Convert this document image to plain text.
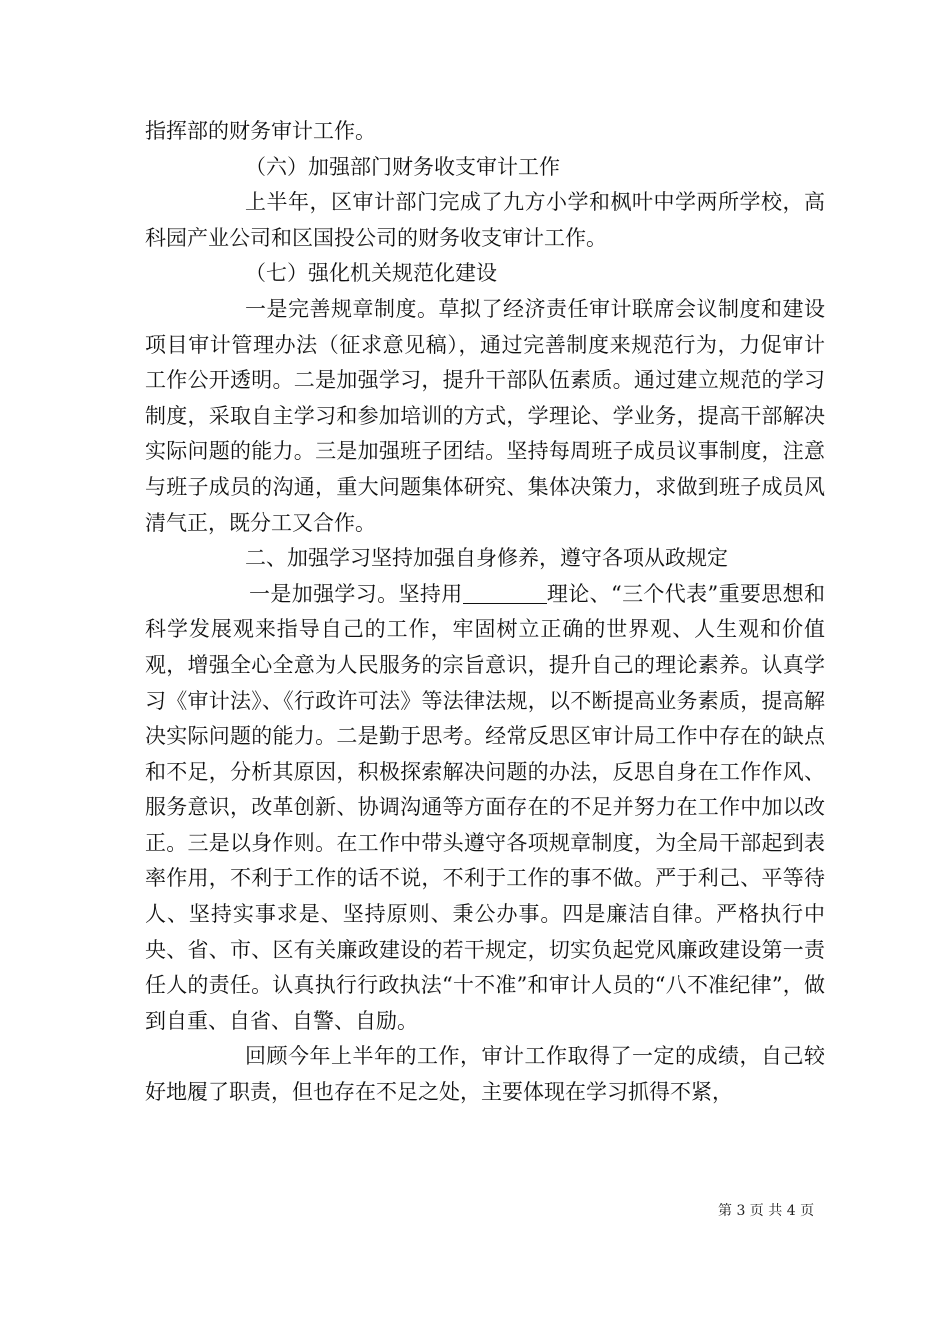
指挥部的财务审计工作。

（六）加强部门财务收支审计工作

上半年，区审计部门完成了九方小学和枫叶中学两所学校，高科园产业公司和区国投公司的财务收支审计工作。

（七）强化机关规范化建设

一是完善规章制度。草拟了经济责任审计联席会议制度和建设项目审计管理办法（征求意见稿），通过完善制度来规范行为，力促审计工作公开透明。二是加强学习，提升干部队伍素质。通过建立规范的学习制度，采取自主学习和参加培训的方式，学理论、学业务，提高干部解决实际问题的能力。三是加强班子团结。坚持每周班子成员议事制度，注意与班子成员的沟通，重大问题集体研究、集体决策力，求做到班子成员风清气正，既分工又合作。

二、加强学习坚持加强自身修养，遵守各项从政规定

一是加强学习。坚持用	理论、“三个代表”重要思想和科学发展观来指导自己的工作，牢固树立正确的世界观、人生观和价值观，增强全心全意为人民服务的宗旨意识，提升自己的理论素养。认真学习《审计法》、《行政许可法》等法律法规，以不断提高业务素质，提高解决实际问题的能力。二是勤于思考。经常反思区审计局工作中存在的缺点和不足，分析其原因，积极探索解决问题的办法，反思自身在工作作风、服务意识，改革创新、协调沟通等方面存在的不足并努力在工作中加以改正。三是以身作则。在工作中带头遵守各项规章制度，为全局干部起到表率作用，不利于工作的话不说，不利于工作的事不做。严于利己、平等待人、坚持实事求是、坚持原则、秉公办事。四是廉洁自律。严格执行中央、省、市、区有关廉政建设的若干规定，切实负起党风廉政建设第一责任人的责任。认真执行行政执法“十不准”和审计人员的“八不准纪律”，做到自重、自省、自警、自励。

回顾今年上半年的工作，审计工作取得了一定的成绩，自己较好地履了职责，但也存在不足之处，主要体现在学习抓得不紧，

第 3 页 共 4 页
